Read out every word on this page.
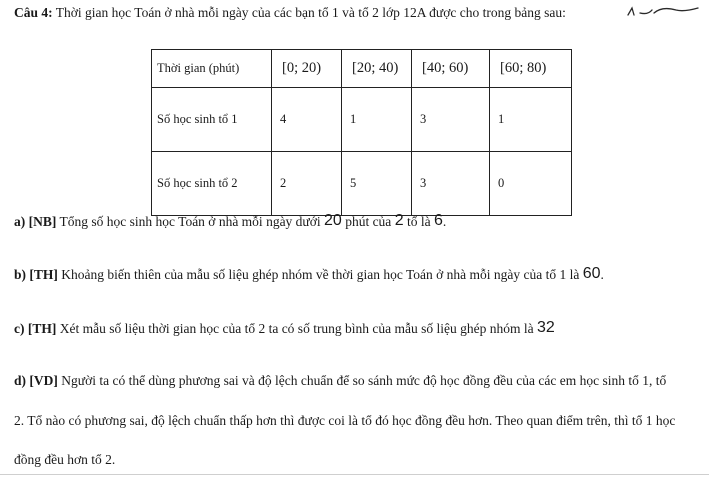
Câu 4: Thời gian học Toán ở nhà mỗi ngày của các bạn tổ 1 và tổ 2 lớp 12A được cho trong bảng sau:
Thời gian (phút)	[0; 20)	[20; 40)	[40; 60)	[60; 80)
Số học sinh tổ 1	4	1	3	1
Số học sinh tổ 2	2	5	3	0
a) [NB] Tổng số học sinh học Toán ở nhà mỗi ngày dưới 20 phút của 2 tổ là 6.
b) [TH] Khoảng biến thiên của mẫu số liệu ghép nhóm về thời gian học Toán ở nhà mỗi ngày của tổ 1 là 60.
c) [TH] Xét mẫu số liệu thời gian học của tổ 2 ta có số trung bình của mẫu số liệu ghép nhóm là 32
d) [VD] Người ta có thể dùng phương sai và độ lệch chuẩn để so sánh mức độ học đồng đều của các em học sinh tổ 1, tổ
2. Tổ nào có phương sai, độ lệch chuẩn thấp hơn thì được coi là tổ đó học đồng đều hơn. Theo quan điểm trên, thì tổ 1 học
đồng đều hơn tổ 2.
